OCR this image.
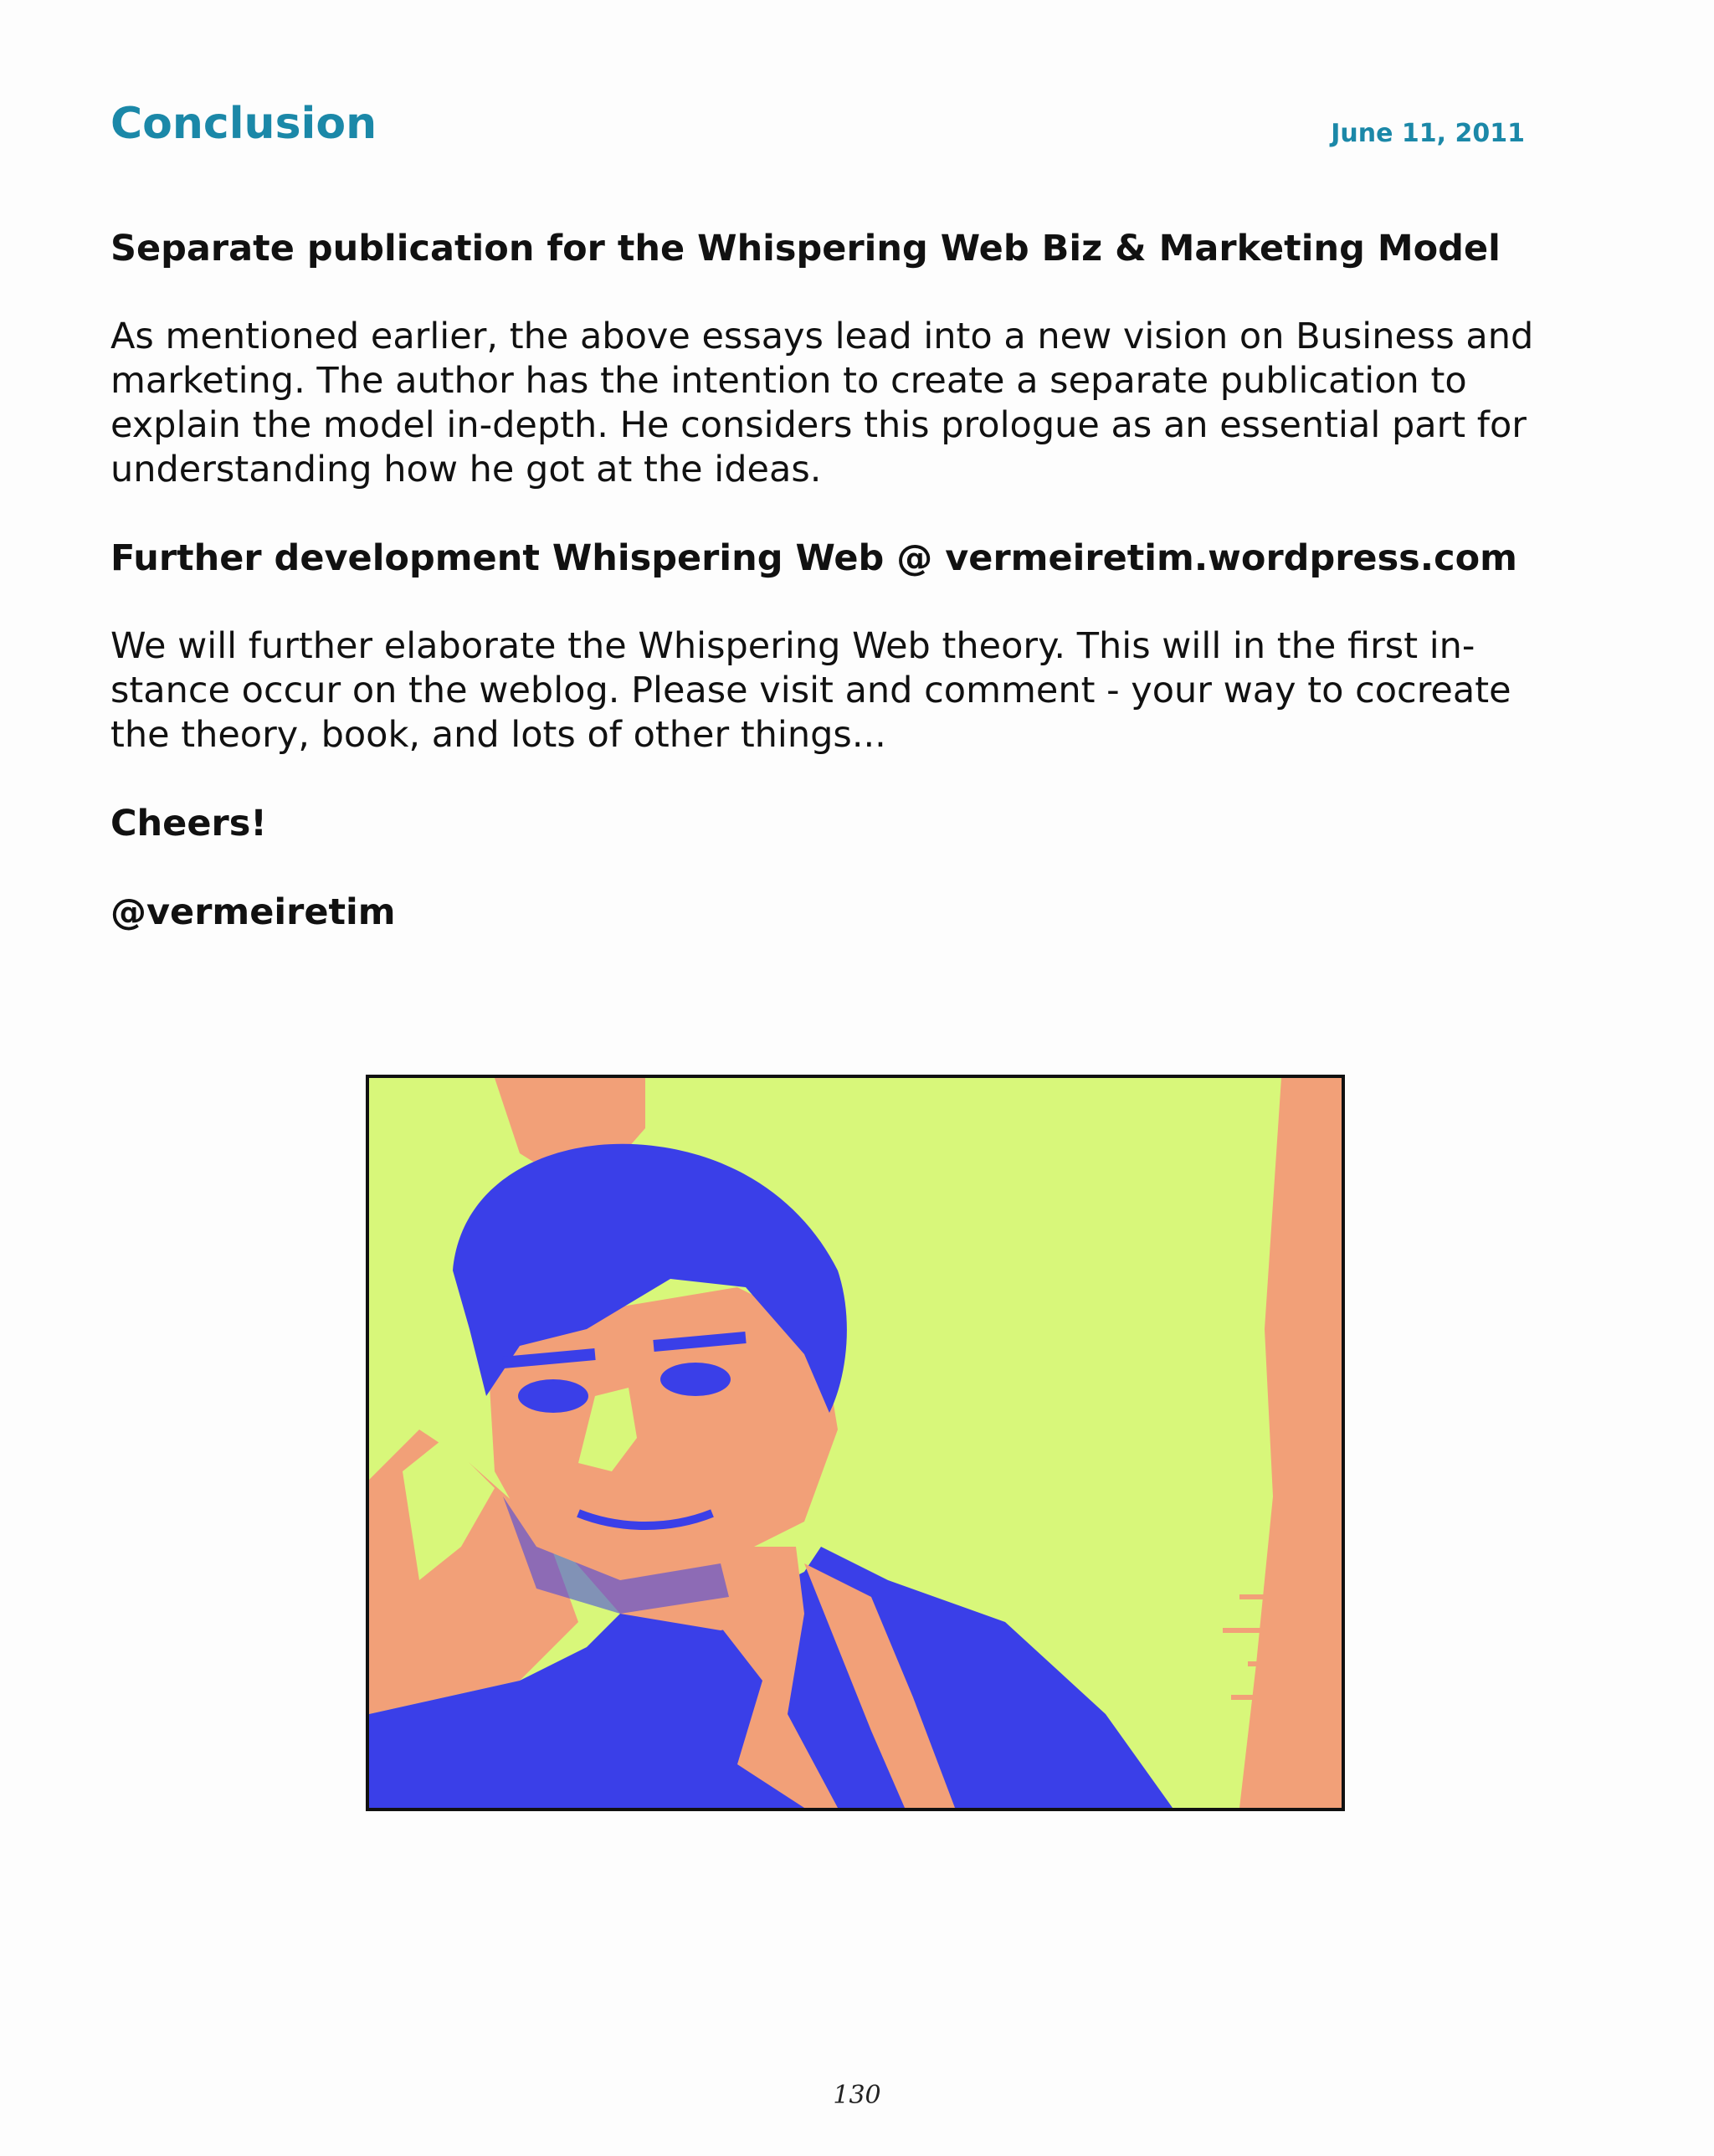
Conclusion	June 11, 2011

Separate publication for the Whispering Web Biz & Marketing Model

As mentioned earlier, the above essays lead into a new vision on Business and
marketing. The author has the intention to create a separate publication to
explain the model in-depth. He considers this prologue as an essential part for
understanding how he got at the ideas.

Further development Whispering Web @ vermeiretim.wordpress.com

We will further elaborate the Whispering Web theory. This will in the first in-
stance occur on the weblog. Please visit and comment - your way to cocreate
the theory, book, and lots of other things...

Cheers!

@vermeiretim

130
